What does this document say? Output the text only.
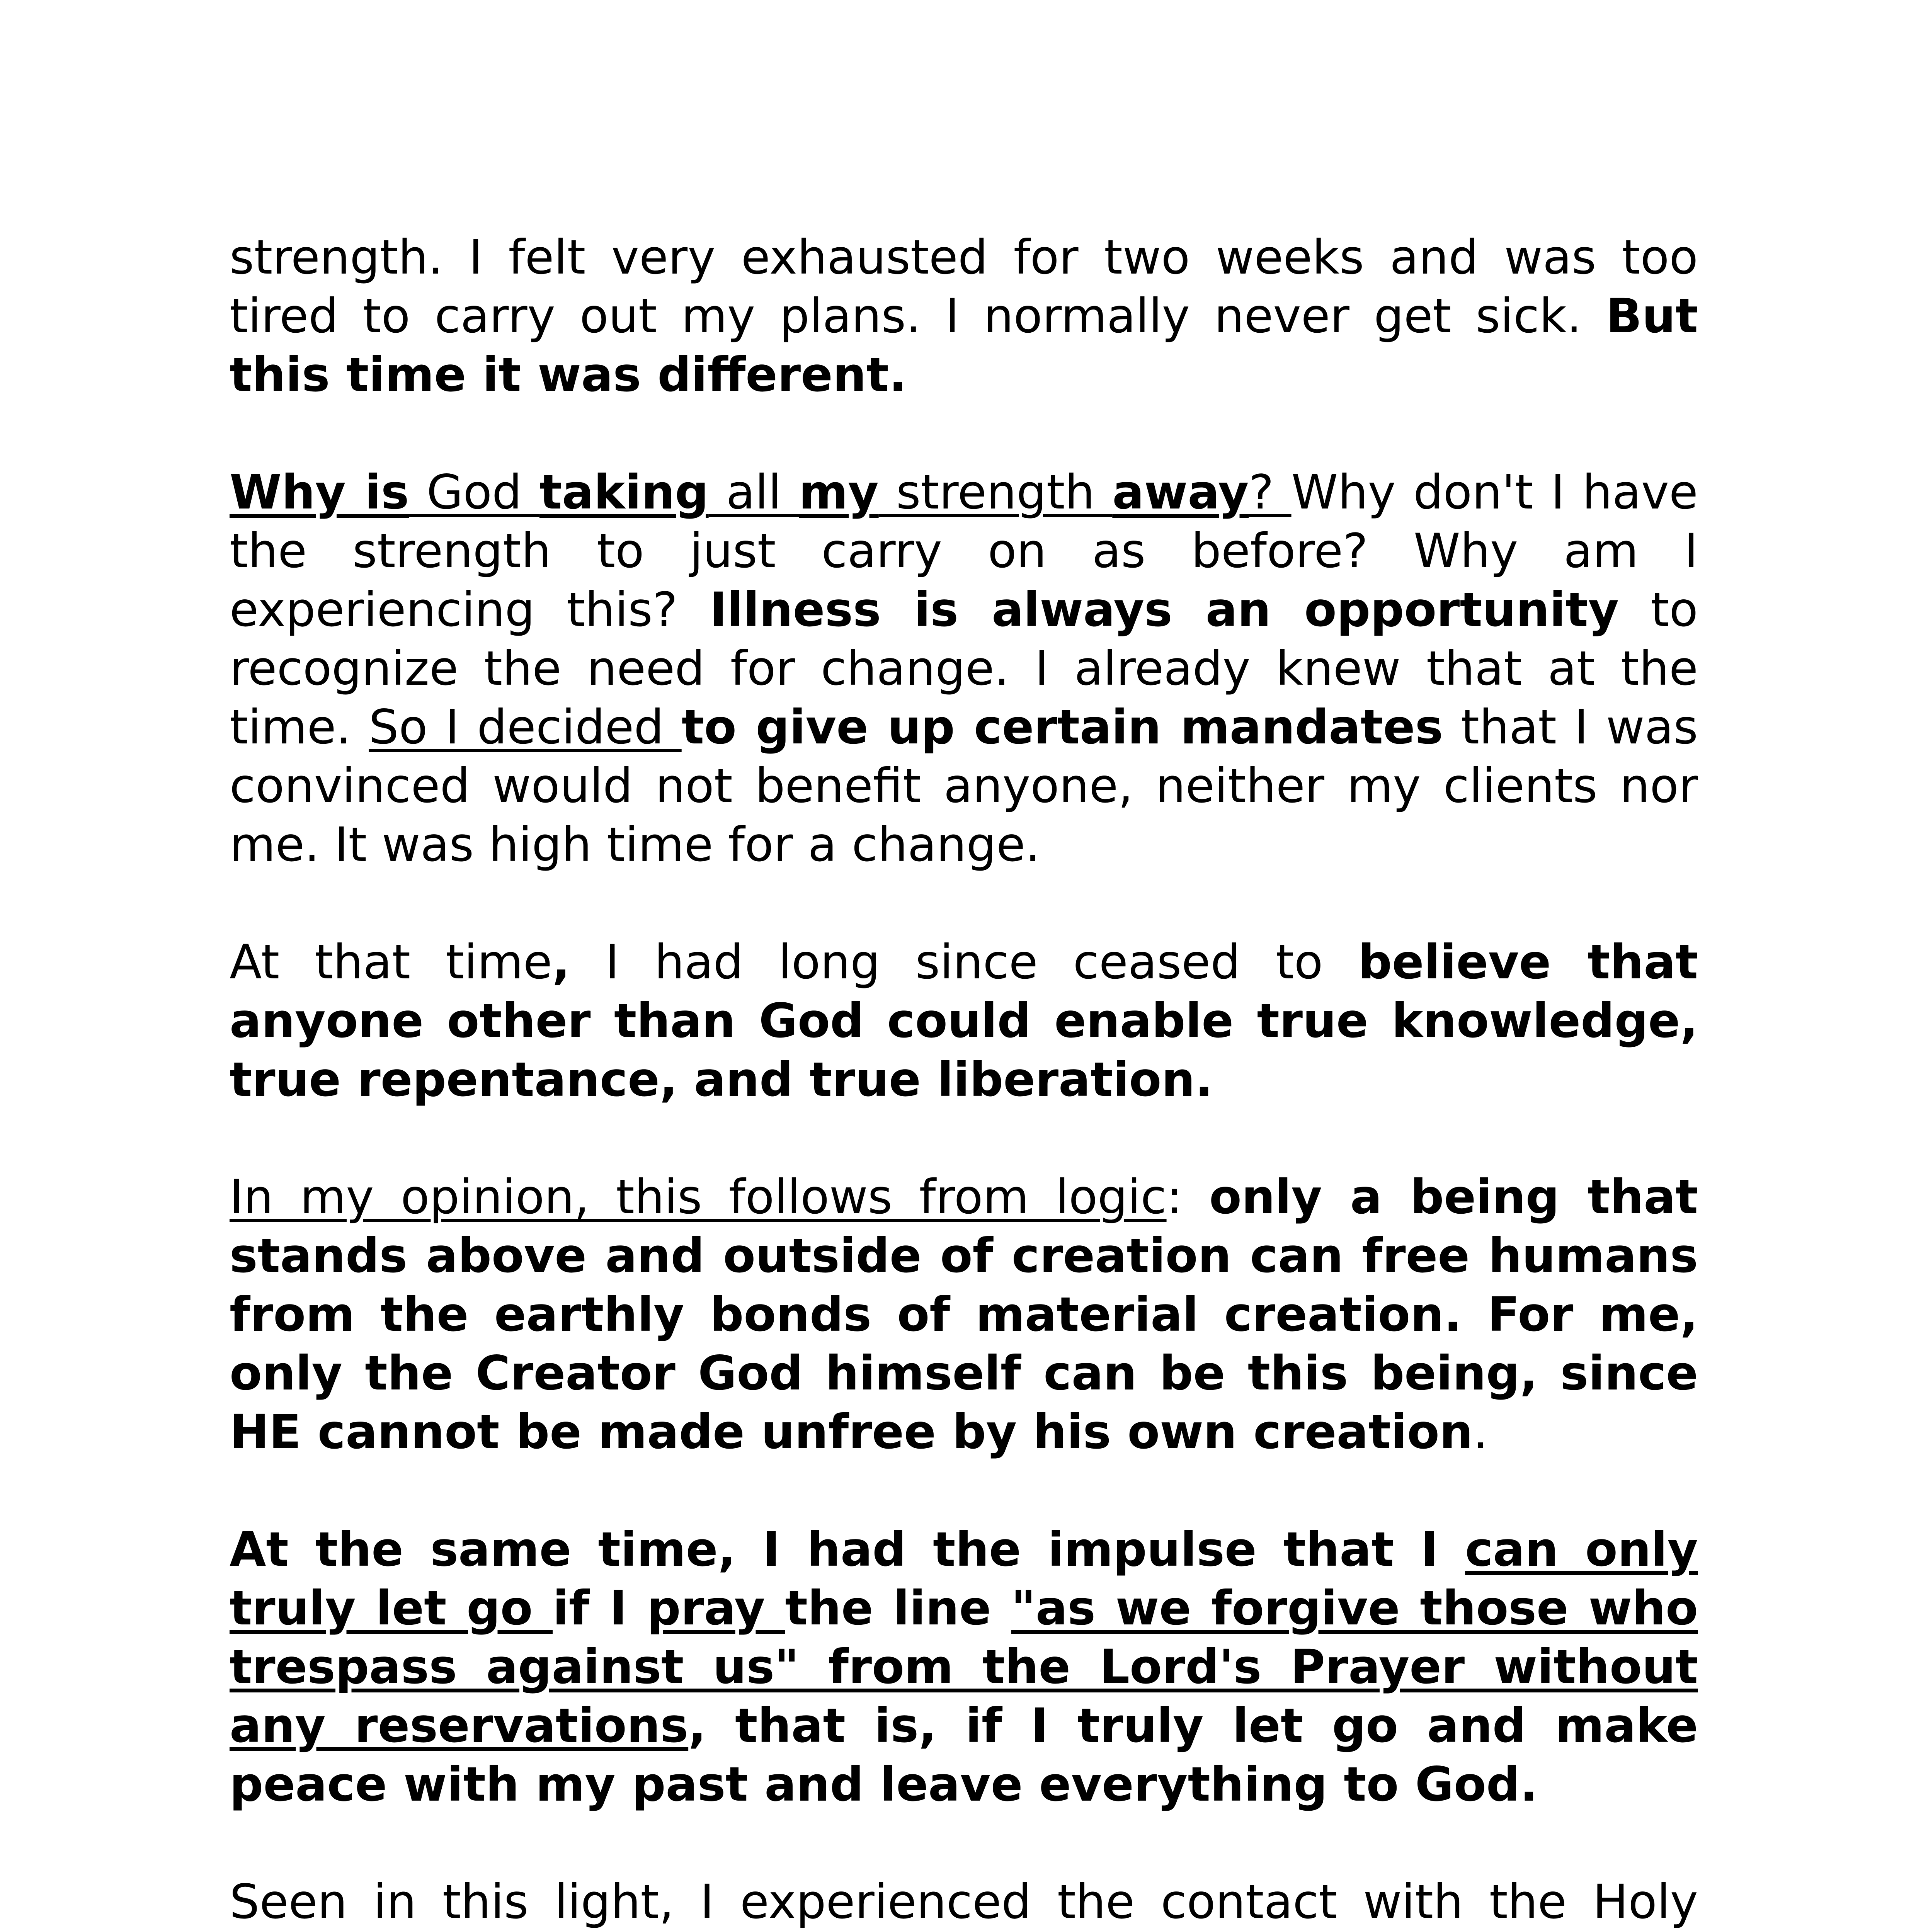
strength. I felt very exhausted for two weeks and was too tired to carry out my plans. I normally never get sick. But this time it was different.

Why is God taking all my strength away? Why don't I have the strength to just carry on as before? Why am I experiencing this? Illness is always an opportunity to recognize the need for change. I already knew that at the time. So I decided to give up certain mandates that I was convinced would not benefit anyone, neither my clients nor me. It was high time for a change.

At that time, I had long since ceased to believe that anyone other than God could enable true knowledge, true repentance, and true liberation.

In my opinion, this follows from logic: only a being that stands above and outside of creation can free humans from the earthly bonds of material creation. For me, only the Creator God himself can be this being, since HE cannot be made unfree by his own creation.

At the same time, I had the impulse that I can only truly let go if I pray the line "as we forgive those who trespass against us" from the Lord's Prayer without any reservations, that is, if I truly let go and make peace with my past and leave everything to God.

Seen in this light, I experienced the contact with the Holy
